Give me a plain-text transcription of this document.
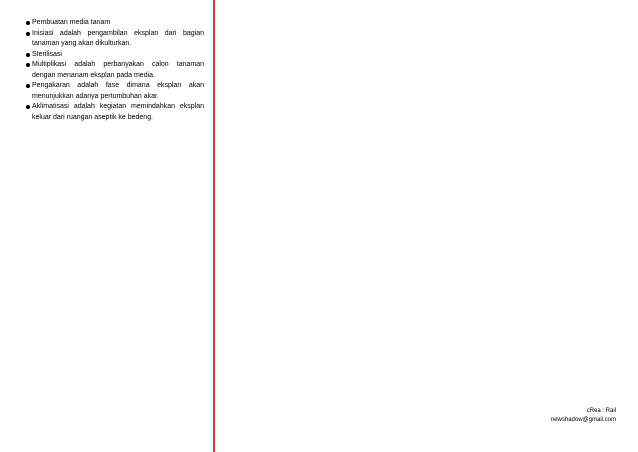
Pembuatan media tanam
Inisiasi adalah pengambilan eksplan dari bagian tanaman yang akan dikulturkan.
Sterilisasi
Multiplikasi adalah perbanyakan calon tanaman dengan menanam eksplan pada media.
Pengakaran adalah fase dimana eksplan akan menunjukkan adanya pertumbuhan akar.
Aklimatisasi adalah kegiatan memindahkan eksplan keluar dari ruangan aseptik ke bedeng.
cRea : Rail
newshadow@gmail.com
